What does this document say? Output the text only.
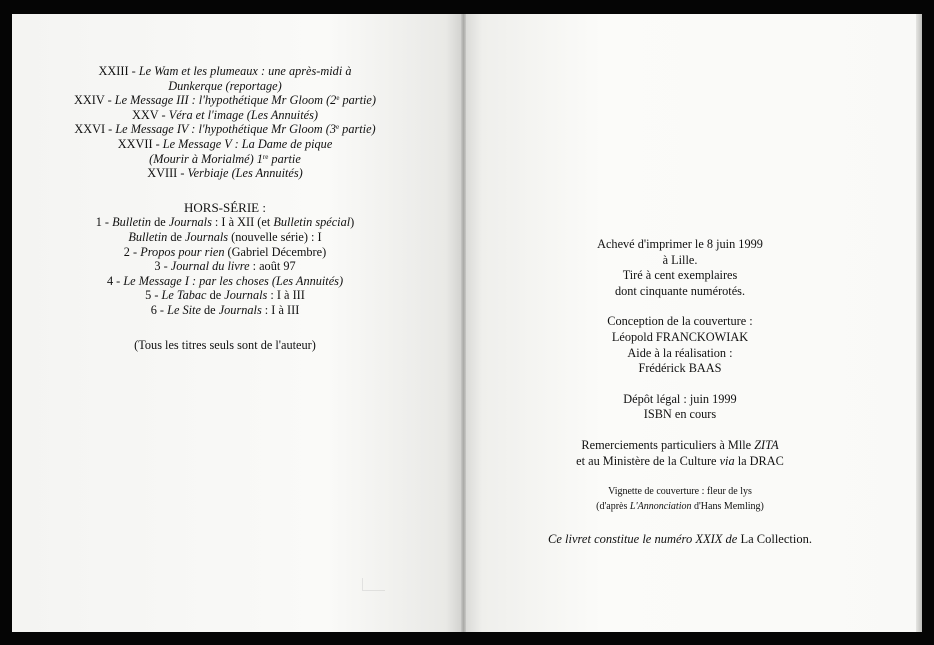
XXIII - Le Wam et les plumeaux : une après-midi à
Dunkerque (reportage)
XXIV - Le Message III : l'hypothétique Mr Gloom (2e partie)
XXV - Véra et l'image (Les Annuités)
XXVI - Le Message IV : l'hypothétique Mr Gloom (3e partie)
XXVII - Le Message V : La Dame de pique
(Mourir à Morialmé) 1re partie
XVIII - Verbiaje (Les Annuités)
HORS-SÉRIE :
1 - Bulletin de Journals : I à XII (et Bulletin spécial)
Bulletin de Journals (nouvelle série) : I
2 - Propos pour rien (Gabriel Décembre)
3 - Journal du livre : août 97
4 - Le Message I : par les choses (Les Annuités)
5 - Le Tabac de Journals : I à III
6 - Le Site de Journals : I à III
(Tous les titres seuls sont de l'auteur)
Achevé d'imprimer le 8 juin 1999
à Lille.
Tiré à cent exemplaires
dont cinquante numérotés.
Conception de la couverture :
Léopold FRANCKOWIAK
Aide à la réalisation :
Frédérick BAAS
Dépôt légal : juin 1999
ISBN en cours
Remerciements particuliers à Mlle ZITA
et au Ministère de la Culture via la DRAC
Vignette de couverture : fleur de lys
(d'après L'Annonciation d'Hans Memling)
Ce livret constitue le numéro XXIX de La Collection.
